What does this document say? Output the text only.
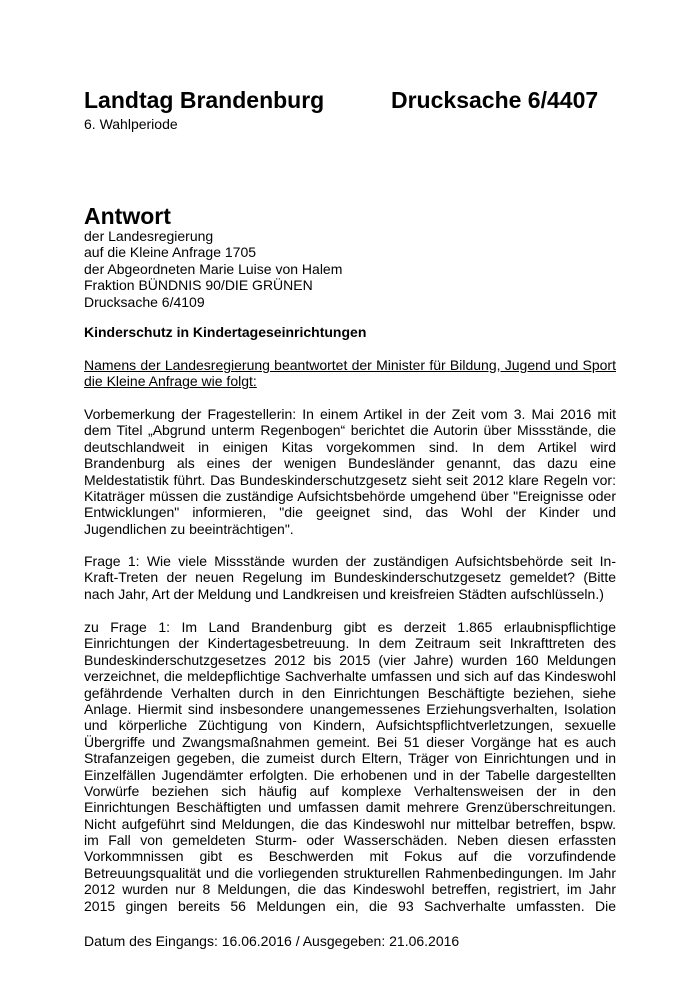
Landtag Brandenburg	Drucksache 6/4407
6. Wahlperiode
Antwort
der Landesregierung
auf die Kleine Anfrage 1705
der Abgeordneten Marie Luise von Halem
Fraktion BÜNDNIS 90/DIE GRÜNEN
Drucksache 6/4109
Kinderschutz in Kindertageseinrichtungen
Namens der Landesregierung beantwortet der Minister für Bildung, Jugend und Sport
die Kleine Anfrage wie folgt:
Vorbemerkung der Fragestellerin: In einem Artikel in der Zeit vom 3. Mai 2016 mit
dem Titel „Abgrund unterm Regenbogen“ berichtet die Autorin über Missstände, die
deutschlandweit in einigen Kitas vorgekommen sind. In dem Artikel wird
Brandenburg als eines der wenigen Bundesländer genannt, das dazu eine
Meldestatistik führt. Das Bundeskinderschutzgesetz sieht seit 2012 klare Regeln vor:
Kitaträger müssen die zuständige Aufsichtsbehörde umgehend über "Ereignisse oder
Entwicklungen" informieren, "die geeignet sind, das Wohl der Kinder und
Jugendlichen zu beeinträchtigen".
Frage 1: Wie viele Missstände wurden der zuständigen Aufsichtsbehörde seit In-
Kraft-Treten der neuen Regelung im Bundeskinderschutzgesetz gemeldet? (Bitte
nach Jahr, Art der Meldung und Landkreisen und kreisfreien Städten aufschlüsseln.)
zu Frage 1: Im Land Brandenburg gibt es derzeit 1.865 erlaubnispflichtige
Einrichtungen der Kindertagesbetreuung. In dem Zeitraum seit Inkrafttreten des
Bundeskinderschutzgesetzes 2012 bis 2015 (vier Jahre) wurden 160 Meldungen
verzeichnet, die meldepflichtige Sachverhalte umfassen und sich auf das Kindeswohl
gefährdende Verhalten durch in den Einrichtungen Beschäftigte beziehen, siehe
Anlage. Hiermit sind insbesondere unangemessenes Erziehungsverhalten, Isolation
und körperliche Züchtigung von Kindern, Aufsichtspflichtverletzungen, sexuelle
Übergriffe und Zwangsmaßnahmen gemeint. Bei 51 dieser Vorgänge hat es auch
Strafanzeigen gegeben, die zumeist durch Eltern, Träger von Einrichtungen und in
Einzelfällen Jugendämter erfolgten. Die erhobenen und in der Tabelle dargestellten
Vorwürfe beziehen sich häufig auf komplexe Verhaltensweisen der in den
Einrichtungen Beschäftigten und umfassen damit mehrere Grenzüberschreitungen.
Nicht aufgeführt sind Meldungen, die das Kindeswohl nur mittelbar betreffen, bspw.
im Fall von gemeldeten Sturm- oder Wasserschäden. Neben diesen erfassten
Vorkommnissen gibt es Beschwerden mit Fokus auf die vorzufindende
Betreuungsqualität und die vorliegenden strukturellen Rahmenbedingungen. Im Jahr
2012 wurden nur 8 Meldungen, die das Kindeswohl betreffen, registriert, im Jahr
2015 gingen bereits 56 Meldungen ein, die 93 Sachverhalte umfassten. Die
Datum des Eingangs: 16.06.2016 / Ausgegeben: 21.06.2016
